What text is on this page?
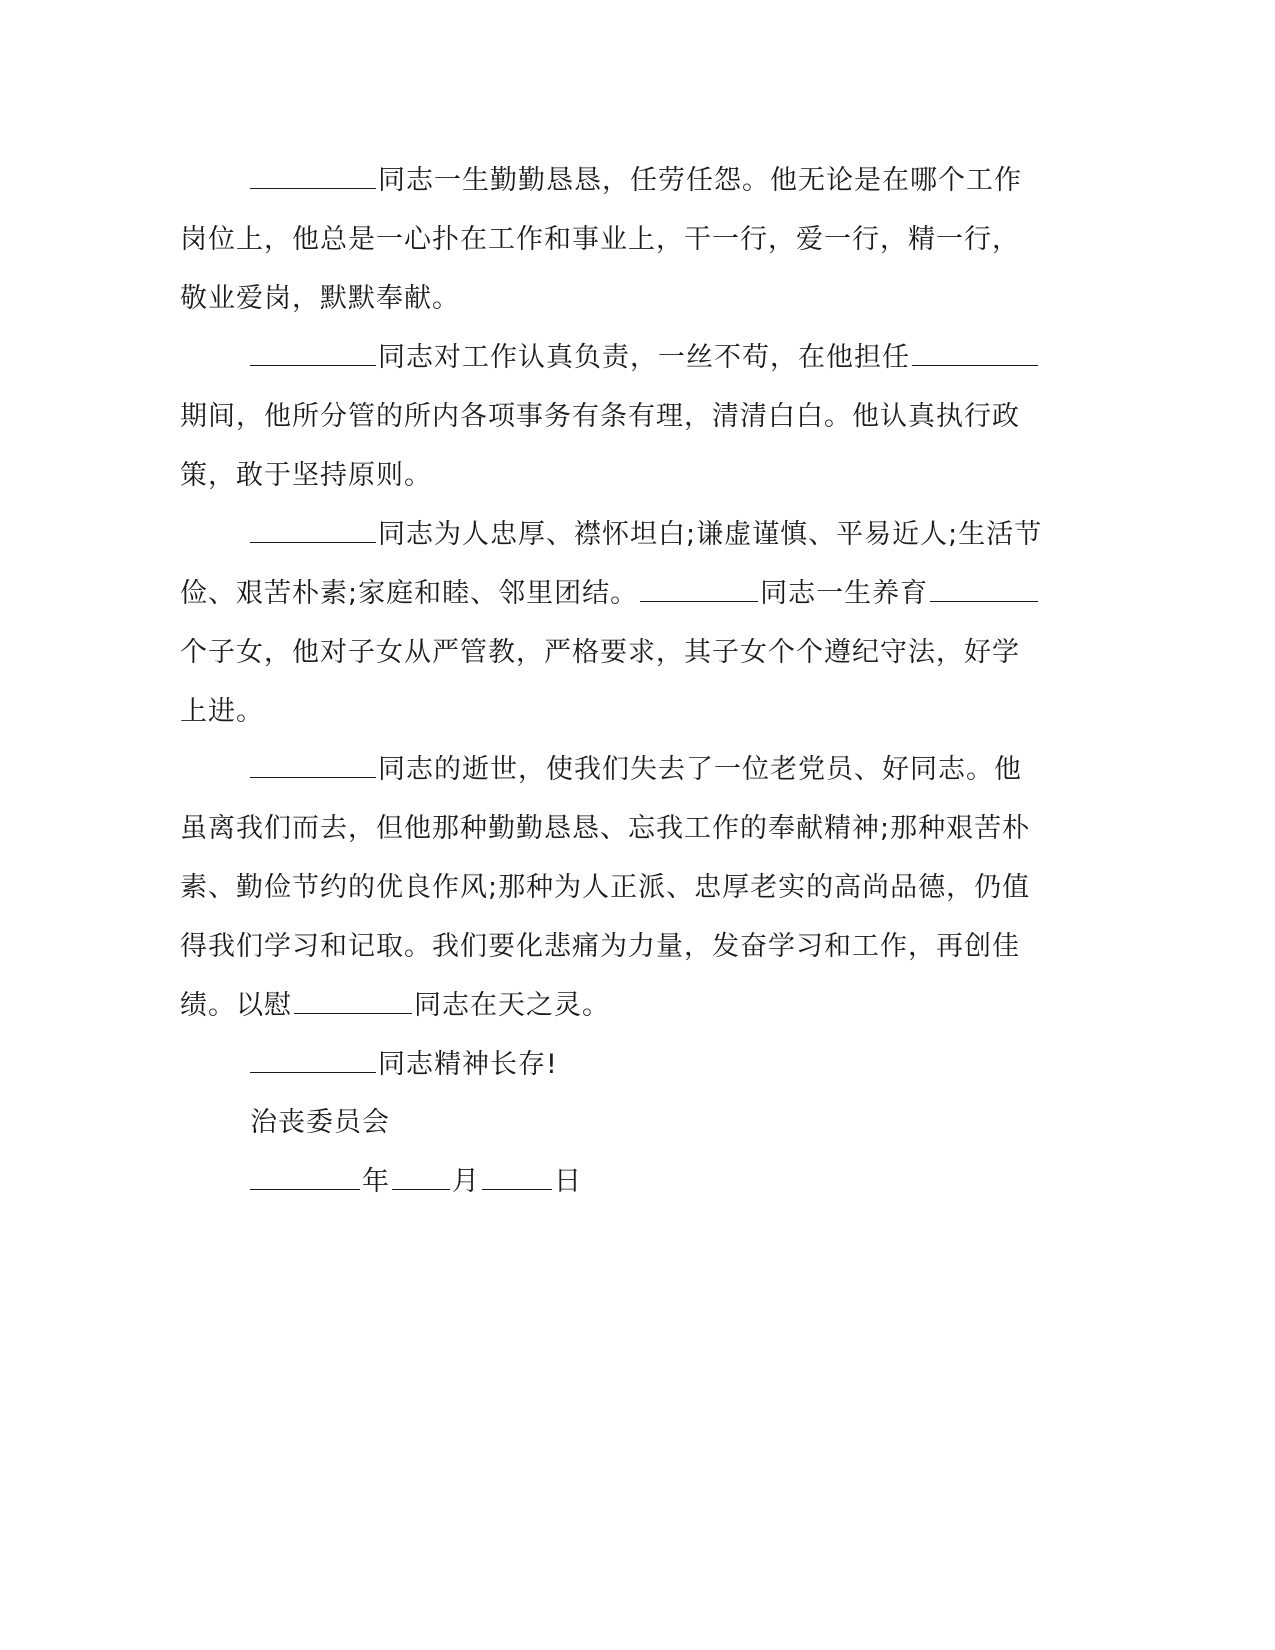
同志一生勤勤恳恳，任劳任怨。他无论是在哪个工作
岗位上，他总是一心扑在工作和事业上，干一行，爱一行，精一行，
敬业爱岗，默默奉献。
同志对工作认真负责，一丝不苟，在他担任
期间，他所分管的所内各项事务有条有理，清清白白。他认真执行政
策，敢于坚持原则。
同志为人忠厚、襟怀坦白;谦虚谨慎、平易近人;生活节
俭、艰苦朴素;家庭和睦、邻里团结。	同志一生养育
个子女，他对子女从严管教，严格要求，其子女个个遵纪守法，好学
上进。
同志的逝世，使我们失去了一位老党员、好同志。他
虽离我们而去，但他那种勤勤恳恳、忘我工作的奉献精神;那种艰苦朴
素、勤俭节约的优良作风;那种为人正派、忠厚老实的高尚品德，仍值
得我们学习和记取。我们要化悲痛为力量，发奋学习和工作，再创佳
绩。以慰	同志在天之灵。
同志精神长存!
治丧委员会
年 月	日
